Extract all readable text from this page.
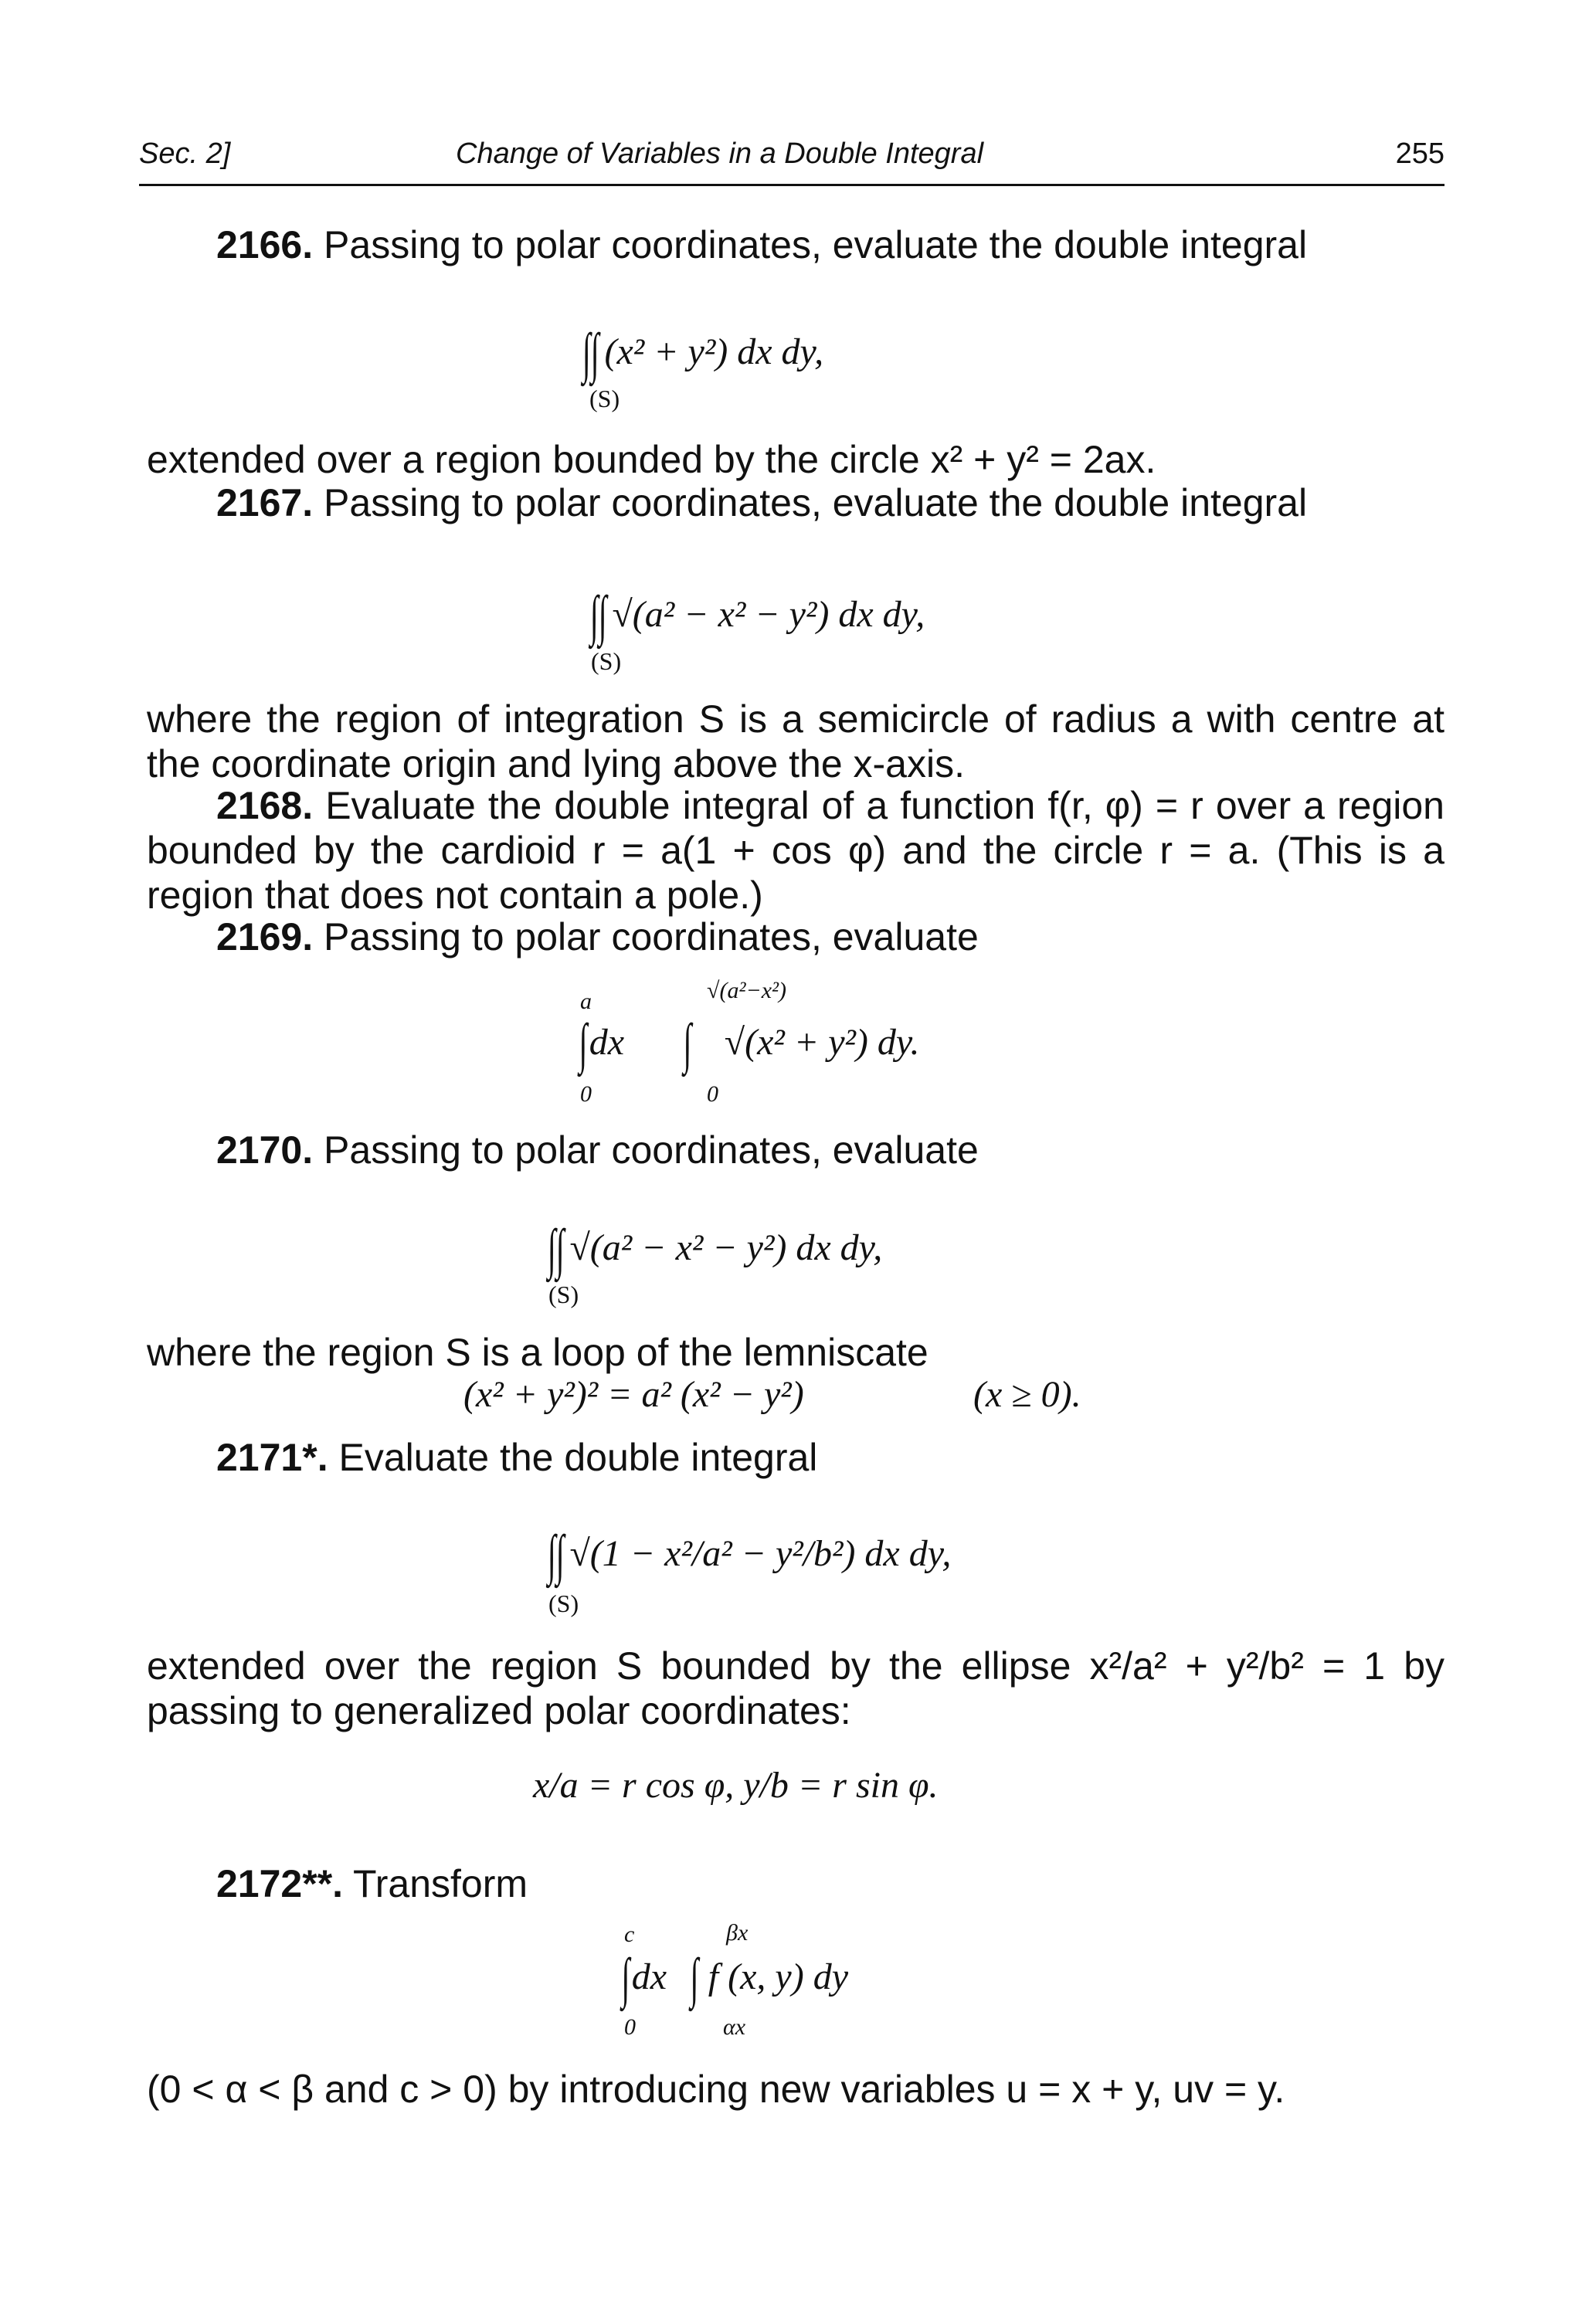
Sec. 2]	Change of Variables in a Double Integral	255
2166. Passing to polar coordinates, evaluate the double integral
∫∫ (x² + y²) dx dy,
(S)
extended over a region bounded by the circle x² + y² = 2ax.
2167. Passing to polar coordinates, evaluate the double integral
∫∫ √(a² − x² − y²) dx dy,
(S)
where the region of integration S is a semicircle of radius a with centre at the coordinate origin and lying above the x-axis.
2168. Evaluate the double integral of a function f(r, φ) = r over a region bounded by the cardioid r = a(1 + cos φ) and the circle r = a. (This is a region that does not contain a pole.)
2169. Passing to polar coordinates, evaluate
a
0
√(a²−x²)
0
∫ dx ∫ √(x² + y²) dy.
2170. Passing to polar coordinates, evaluate
∫∫ √(a² − x² − y²) dx dy,
(S)
where the region S is a loop of the lemniscate
(x² + y²)² = a² (x² − y²)	(x ≥ 0).
2171*. Evaluate the double integral
∫∫ √(1 − x²/a² − y²/b²) dx dy,
(S)
extended over the region S bounded by the ellipse x²/a² + y²/b² = 1 by passing to generalized polar coordinates:
x/a = r cos φ, y/b = r sin φ.
2172**. Transform
c
0
βx
αx
∫ dx ∫ f (x, y) dy
(0 < α < β and c > 0) by introducing new variables u = x + y, uv = y.
